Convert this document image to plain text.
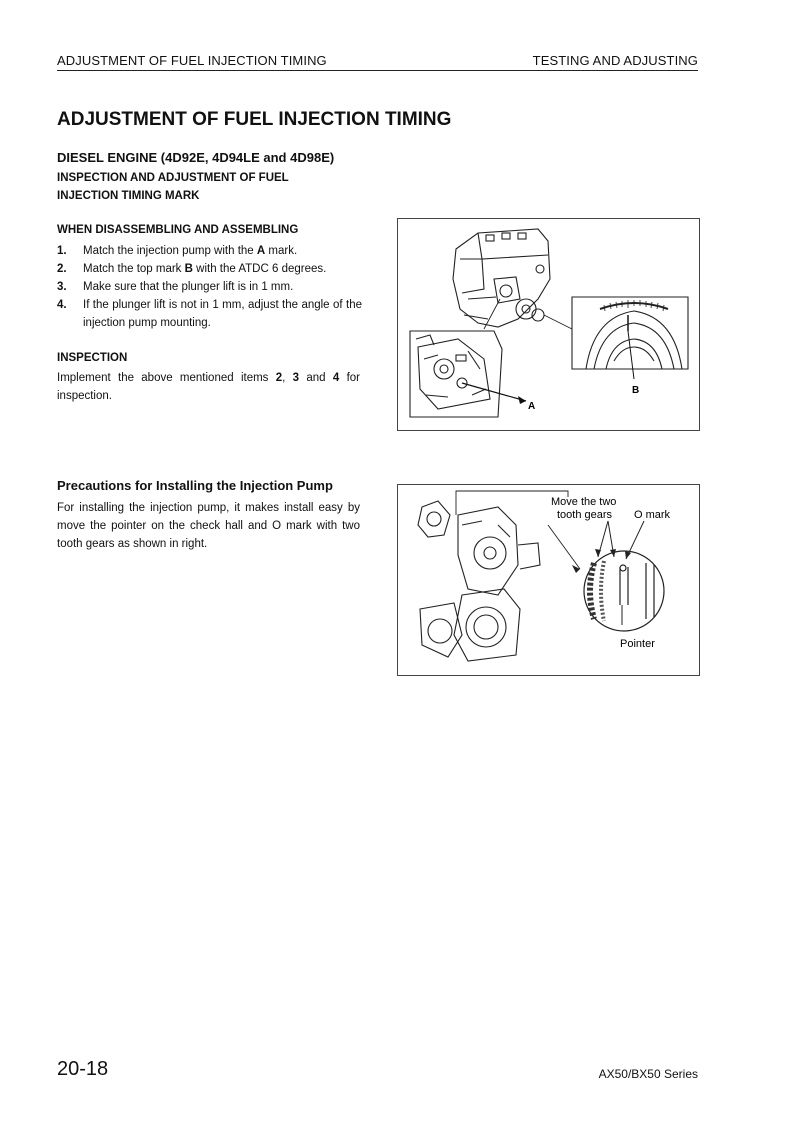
ADJUSTMENT OF FUEL INJECTION TIMING	TESTING AND ADJUSTING
ADJUSTMENT OF FUEL INJECTION TIMING
DIESEL ENGINE (4D92E, 4D94LE and 4D98E)
INSPECTION AND ADJUSTMENT OF FUEL
INJECTION TIMING MARK
WHEN DISASSEMBLING AND ASSEMBLING
1.	Match the injection pump with the A mark.
2.	Match the top mark B with the ATDC 6 degrees.
3.	Make sure that the plunger lift is in 1 mm.
4.	If the plunger lift is not in 1 mm, adjust the angle of the injection pump mounting.
INSPECTION
Implement the above mentioned items 2, 3 and 4 for inspection.
Precautions for Installing the Injection Pump
For installing the injection pump, it makes install easy by move the pointer on the check hall and O mark with two tooth gears as shown in right.
A
B
Move the two
tooth gears O mark
Pointer
20-18	AX50/BX50 Series
